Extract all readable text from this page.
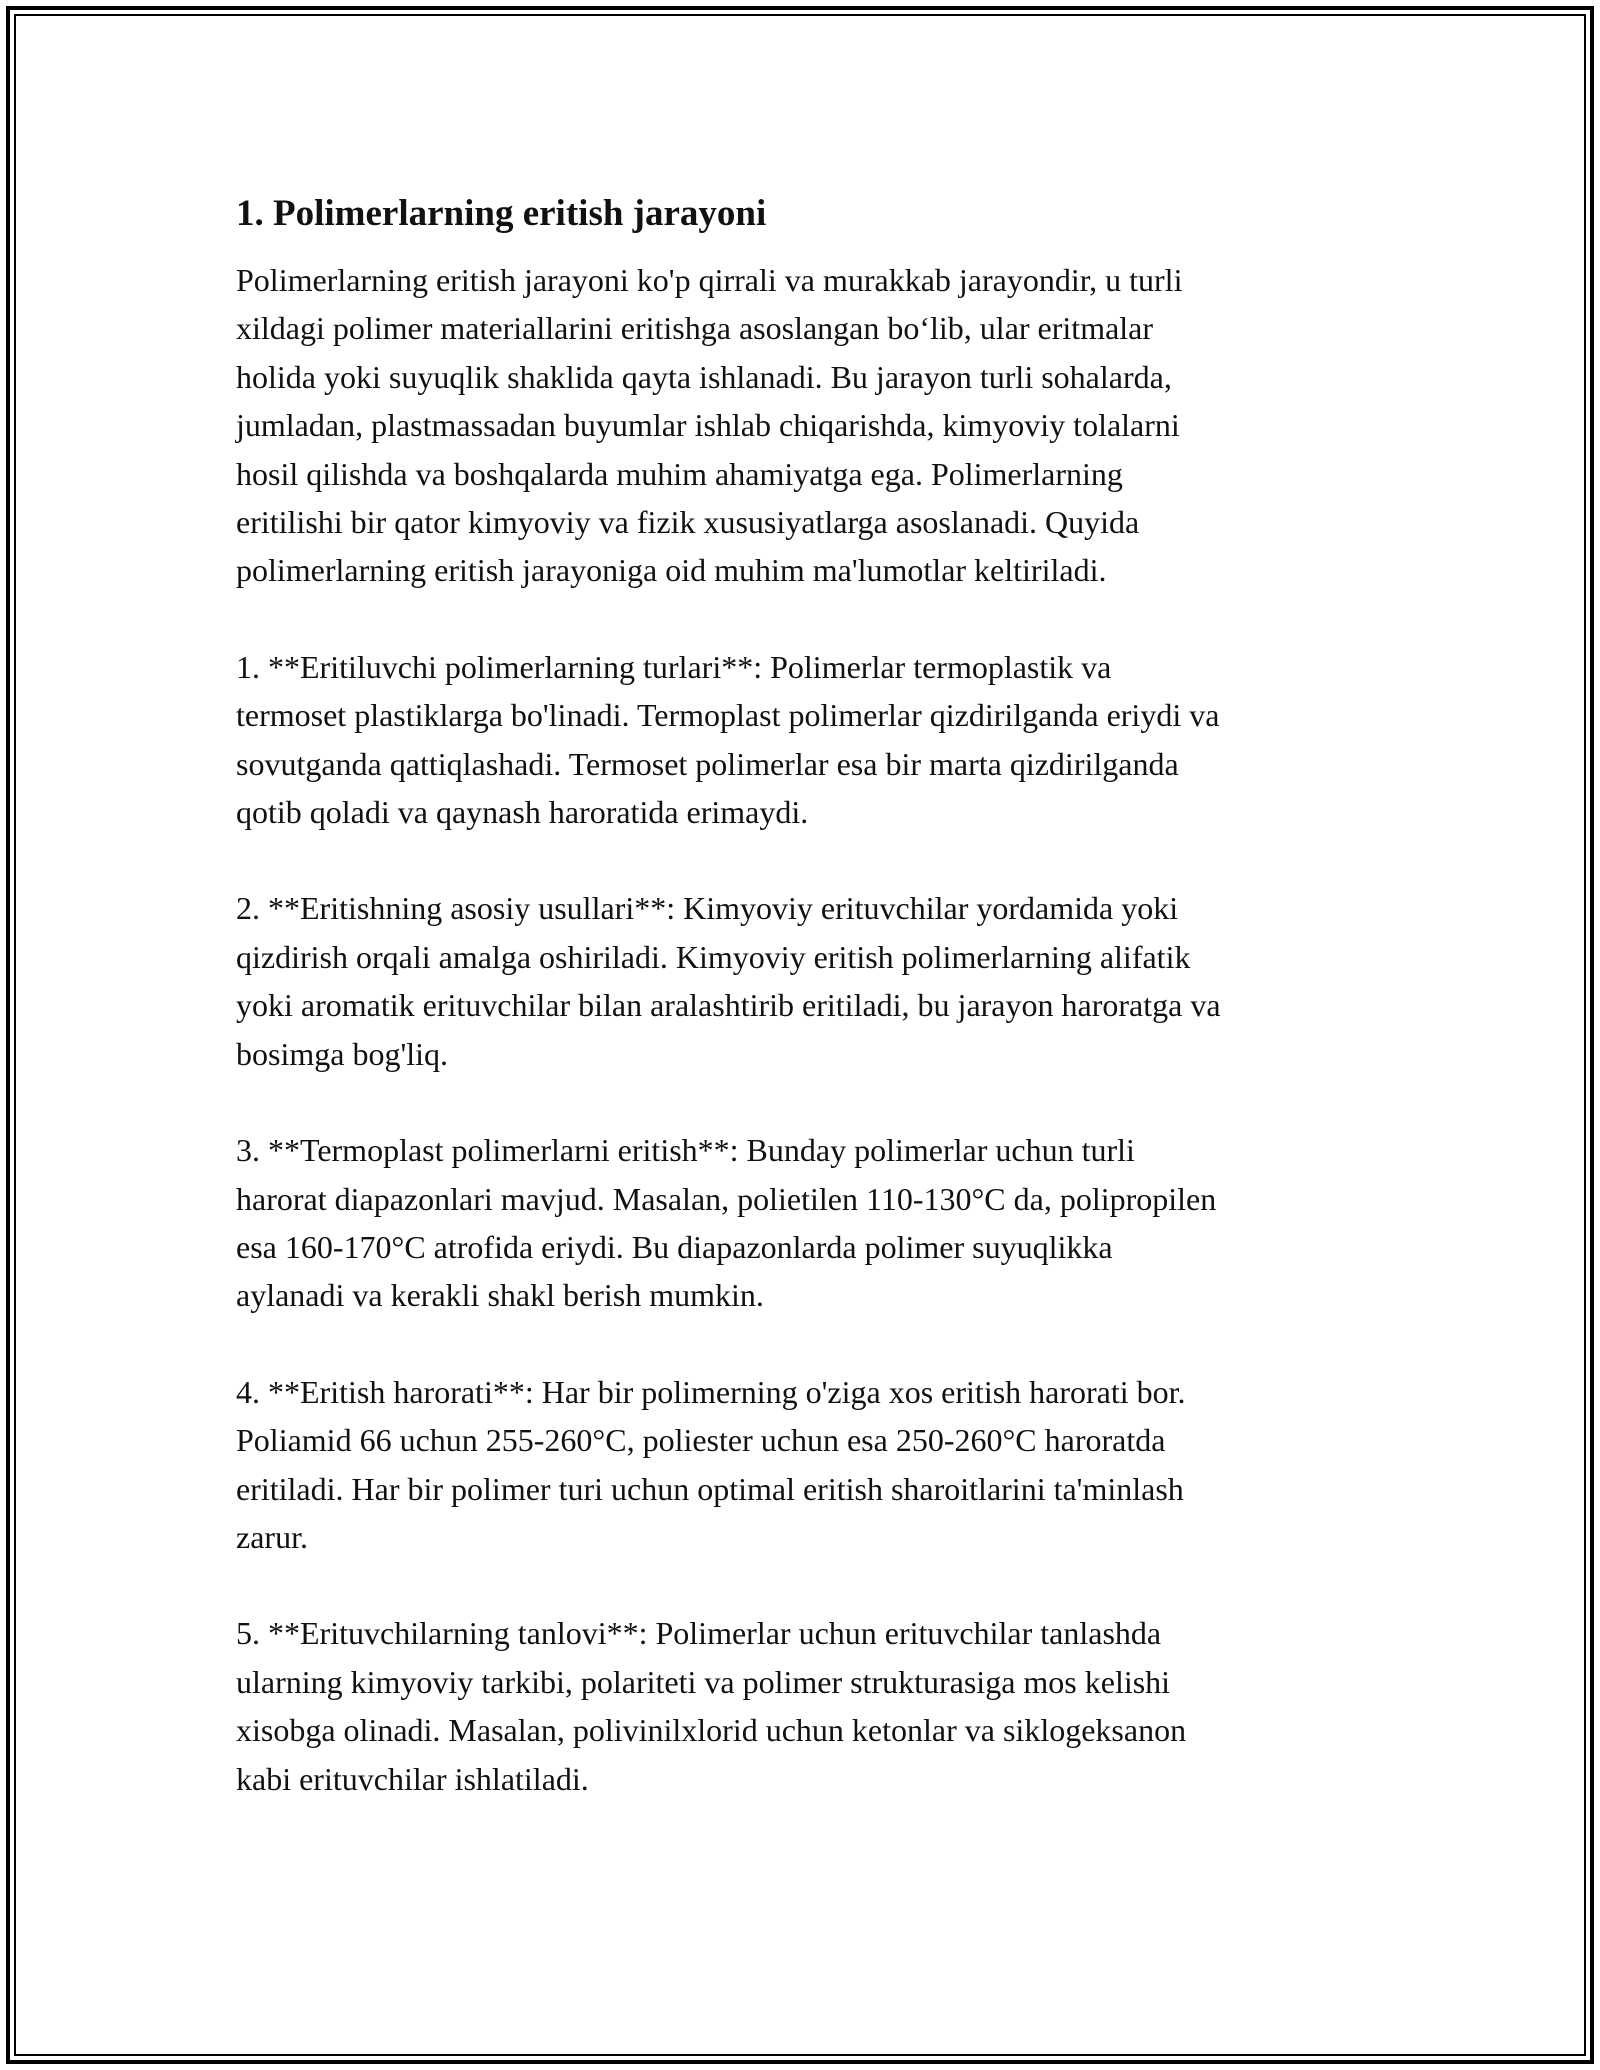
1. Polimerlarning eritish jarayoni

Polimerlarning eritish jarayoni ko'p qirrali va murakkab jarayondir, u turli
xildagi polimer materiallarini eritishga asoslangan bo‘lib, ular eritmalar
holida yoki suyuqlik shaklida qayta ishlanadi. Bu jarayon turli sohalarda,
jumladan, plastmassadan buyumlar ishlab chiqarishda, kimyoviy tolalarni
hosil qilishda va boshqalarda muhim ahamiyatga ega. Polimerlarning
eritilishi bir qator kimyoviy va fizik xususiyatlarga asoslanadi. Quyida
polimerlarning eritish jarayoniga oid muhim ma'lumotlar keltiriladi.

1. **Eritiluvchi polimerlarning turlari**: Polimerlar termoplastik va
termoset plastiklarga bo'linadi. Termoplast polimerlar qizdirilganda eriydi va
sovutganda qattiqlashadi. Termoset polimerlar esa bir marta qizdirilganda
qotib qoladi va qaynash haroratida erimaydi.

2. **Eritishning asosiy usullari**: Kimyoviy erituvchilar yordamida yoki
qizdirish orqali amalga oshiriladi. Kimyoviy eritish polimerlarning alifatik
yoki aromatik erituvchilar bilan aralashtirib eritiladi, bu jarayon haroratga va
bosimga bog'liq.

3. **Termoplast polimerlarni eritish**: Bunday polimerlar uchun turli
harorat diapazonlari mavjud. Masalan, polietilen 110-130°C da, polipropilen
esa 160-170°C atrofida eriydi. Bu diapazonlarda polimer suyuqlikka
aylanadi va kerakli shakl berish mumkin.

4. **Eritish harorati**: Har bir polimerning o'ziga xos eritish harorati bor.
Poliamid 66 uchun 255-260°C, poliester uchun esa 250-260°C haroratda
eritiladi. Har bir polimer turi uchun optimal eritish sharoitlarini ta'minlash
zarur.

5. **Erituvchilarning tanlovi**: Polimerlar uchun erituvchilar tanlashda
ularning kimyoviy tarkibi, polariteti va polimer strukturasiga mos kelishi
xisobga olinadi. Masalan, polivinilxlorid uchun ketonlar va siklogeksanon
kabi erituvchilar ishlatiladi.
